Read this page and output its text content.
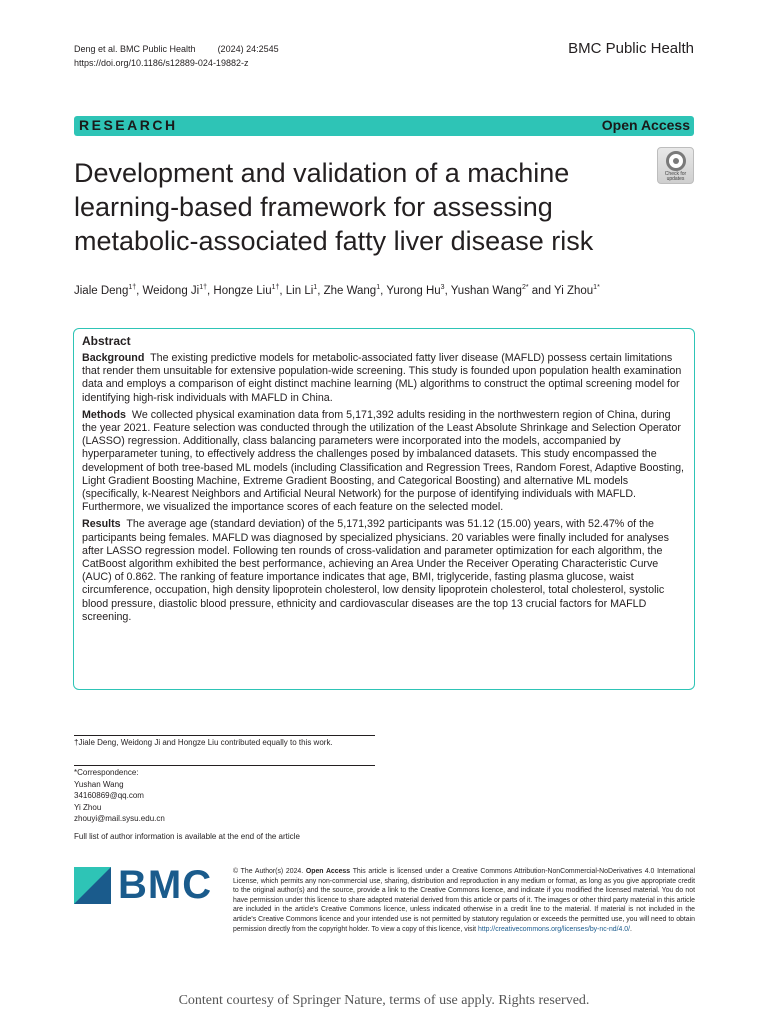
Deng et al. BMC Public Health (2024) 24:2545
https://doi.org/10.1186/s12889-024-19882-z
BMC Public Health
RESEARCH	Open Access
Development and validation of a machine learning-based framework for assessing metabolic-associated fatty liver disease risk
Check for
updates
Jiale Deng$^{1\dagger}$, Weidong $Ji^{1\dagger}$, Hongze Liu$^{1\dagger}$, Lin Li$^1$, Zhe Wang$^1$, Yurong Hu$^3$, Yushan Wang$^{2*}$ and Yi Zhou$^{1*}$
Abstract

Background The existing predictive models for metabolic-associated fatty liver disease (MAFLD) possess certain limitations that render them unsuitable for extensive population-wide screening. This study is founded upon population health examination data and employs a comparison of eight distinct machine learning (ML) algorithms to construct the optimal screening model for identifying high-risk individuals with MAFLD in China.

Methods We collected physical examination data from 5,171,392 adults residing in the northwestern region of China, during the year 2021. Feature selection was conducted through the utilization of the Least Absolute Shrinkage and Selection Operator (LASSO) regression. Additionally, class balancing parameters were incorporated into the models, accompanied by hyperparameter tuning, to effectively address the challenges posed by imbalanced datasets. This study encompassed the development of both tree-based ML models (including Classification and Regression Trees, Random Forest, Adaptive Boosting, Light Gradient Boosting Machine, Extreme Gradient Boosting, and Categorical Boosting) and alternative ML models (specifically, k-Nearest Neighbors and Artificial Neural Network) for the purpose of identifying individuals with MAFLD. Furthermore, we visualized the importance scores of each feature on the selected model.

Results The average age (standard deviation) of the 5,171,392 participants was 51.12 (15.00) years, with 52.47% of the participants being females. MAFLD was diagnosed by specialized physicians. 20 variables were finally included for analyses after LASSO regression model. Following ten rounds of cross-validation and parameter optimization for each algorithm, the CatBoost algorithm exhibited the best performance, achieving an Area Under the Receiver Operating Characteristic Curve (AUC) of 0.862. The ranking of feature importance indicates that age, BMI, triglyceride, fasting plasma glucose, waist circumference, occupation, high density lipoprotein cholesterol, low density lipoprotein cholesterol, total cholesterol, systolic blood pressure, diastolic blood pressure, ethnicity and cardiovascular diseases are the top 13 crucial factors for MAFLD screening.

†Jiale Deng, Weidong Ji and Hongze Liu contributed equally to this work.
*Correspondence:
Yushan Wang
34160869@qq.com
Yi Zhou
zhouyi@mail.sysu.edu.cn
Full list of author information is available at the end of the article
BMC	© The Author(s) 2024. Open Access This article is licensed under a Creative Commons Attribution-NonCommercial-NoDerivatives 4.0 International License, which permits any non-commercial use, sharing, distribution and reproduction in any medium or format, as long as you give appropriate credit to the original author(s) and the source, provide a link to the Creative Commons licence, and indicate if you modified the licensed material. You do not have permission under this licence to share adapted material derived from this article or parts of it. The images or other third party material in this article are included in the article's Creative Commons licence, unless indicated otherwise in a credit line to the material. If material is not included in the article's Creative Commons licence and your intended use is not permitted by statutory regulation or exceeds the permitted use, you will need to obtain permission directly from the copyright holder. To view a copy of this licence, visit http://creativecommons.org/licenses/by-nc-nd/4.0/.
Content courtesy of Springer Nature, terms of use apply. Rights reserved.
